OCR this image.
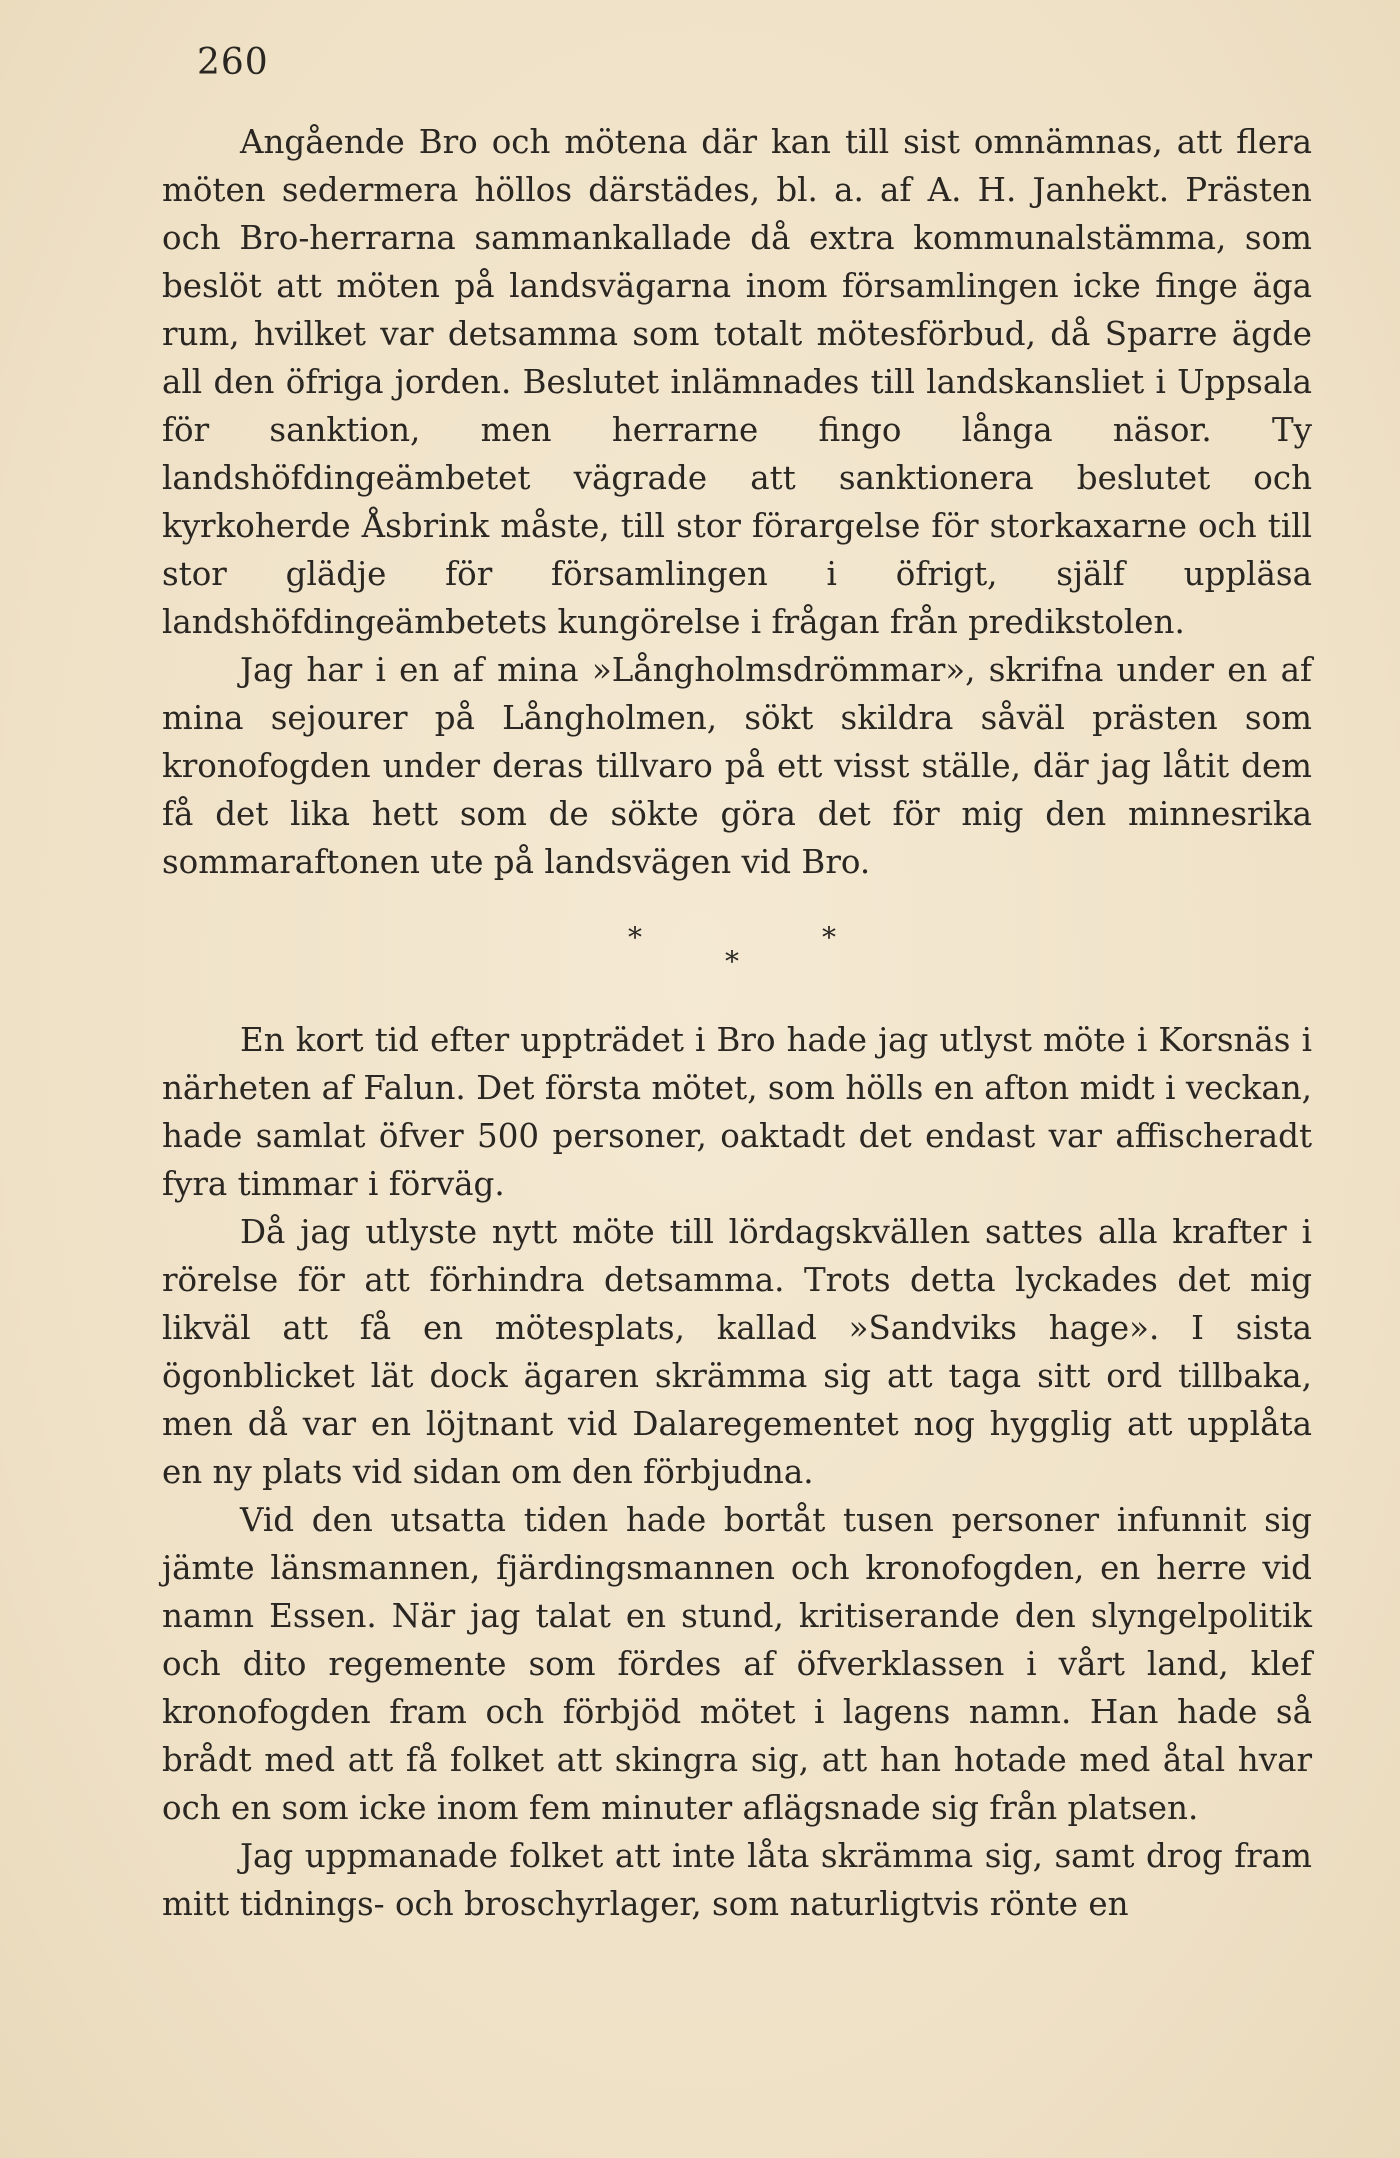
260

Angående Bro och mötena där kan till sist omnämnas, att flera möten sedermera höllos därstädes, bl. a. af A. H. Janhekt. Prästen och Bro-herrarna sammankallade då extra kommunalstämma, som beslöt att möten på landsvägarna inom församlingen icke finge äga rum, hvilket var detsamma som totalt mötesförbud, då Sparre ägde all den öfriga jorden. Beslutet inlämnades till landskansliet i Uppsala för sanktion, men herrarne fingo långa näsor. Ty landshöfdingeämbetet vägrade att sanktionera beslutet och kyrkoherde Åsbrink måste, till stor förargelse för storkaxarne och till stor glädje för församlingen i öfrigt, själf uppläsa landshöfdingeämbetets kungörelse i frågan från predikstolen.

Jag har i en af mina »Långholmsdrömmar», skrifna under en af mina sejourer på Långholmen, sökt skildra såväl prästen som kronofogden under deras tillvaro på ett visst ställe, där jag låtit dem få det lika hett som de sökte göra det för mig den minnesrika sommaraftonen ute på landsvägen vid Bro.

*	*
*

En kort tid efter uppträdet i Bro hade jag utlyst möte i Korsnäs i närheten af Falun. Det första mötet, som hölls en afton midt i veckan, hade samlat öfver 500 personer, oaktadt det endast var affischeradt fyra timmar i förväg.

Då jag utlyste nytt möte till lördagskvällen sattes alla krafter i rörelse för att förhindra detsamma. Trots detta lyckades det mig likväl att få en mötesplats, kallad »Sandviks hage». I sista ögonblicket lät dock ägaren skrämma sig att taga sitt ord tillbaka, men då var en löjtnant vid Dalaregementet nog hygglig att upplåta en ny plats vid sidan om den förbjudna.

Vid den utsatta tiden hade bortåt tusen personer infunnit sig jämte länsmannen, fjärdingsmannen och kronofogden, en herre vid namn Essen. När jag talat en stund, kritiserande den slyngelpolitik och dito regemente som fördes af öfverklassen i vårt land, klef kronofogden fram och förbjöd mötet i lagens namn. Han hade så brådt med att få folket att skingra sig, att han hotade med åtal hvar och en som icke inom fem minuter aflägsnade sig från platsen.

Jag uppmanade folket att inte låta skrämma sig, samt drog fram mitt tidnings- och broschyrlager, som naturligtvis rönte en
